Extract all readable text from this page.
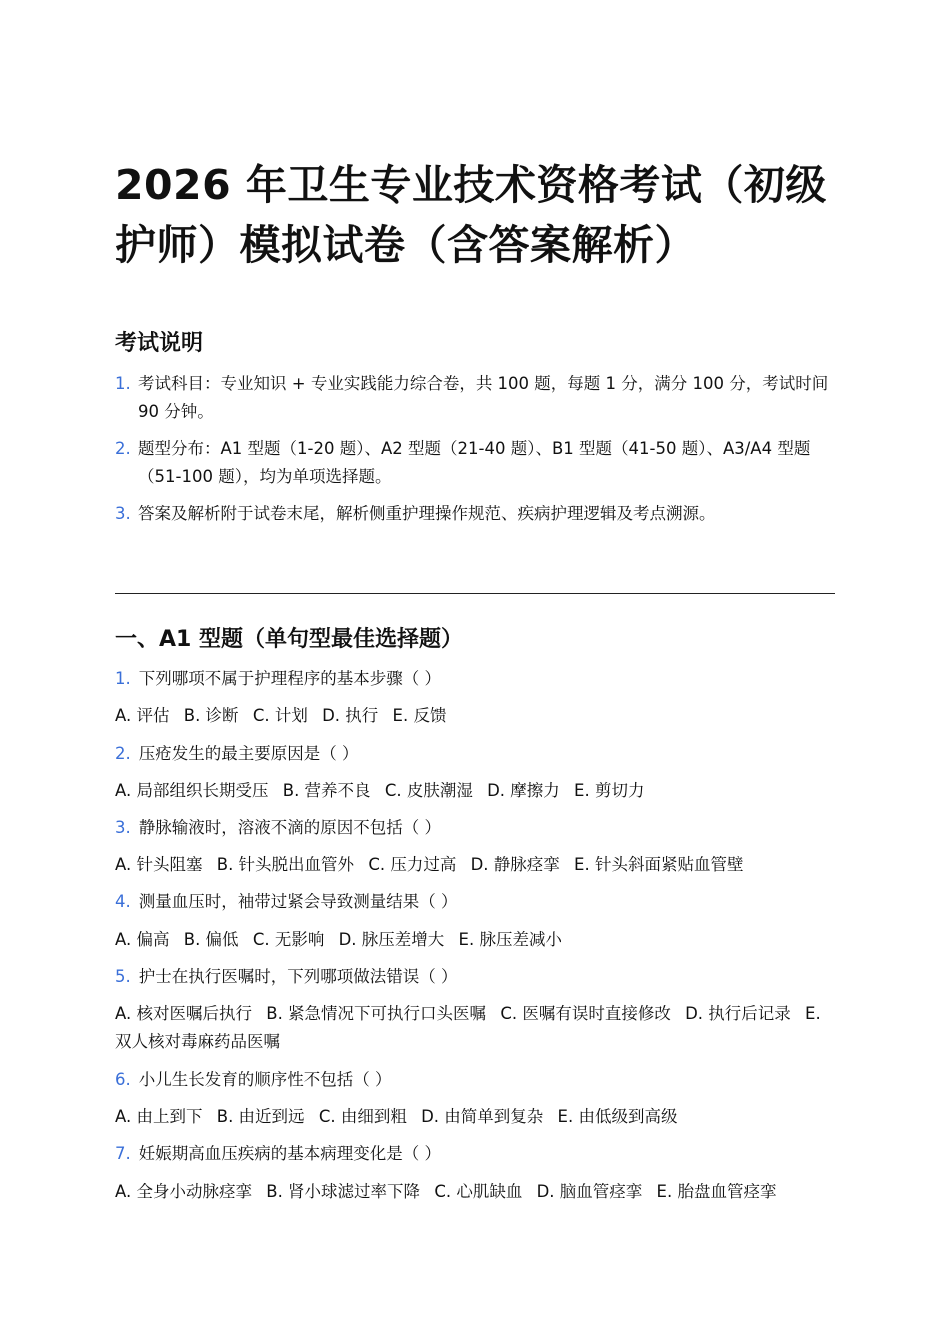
2026 年卫生专业技术资格考试（初级护师）模拟试卷（含答案解析）
考试说明
1. 考试科目：专业知识 + 专业实践能力综合卷，共 100 题，每题 1 分，满分 100 分，考试时间 90 分钟。
2. 题型分布：A1 型题（1-20 题）、A2 型题（21-40 题）、B1 型题（41-50 题）、A3/A4 型题（51-100 题），均为单项选择题。
3. 答案及解析附于试卷末尾，解析侧重护理操作规范、疾病护理逻辑及考点溯源。
一、A1 型题（单句型最佳选择题）
1. 下列哪项不属于护理程序的基本步骤（ ）
A. 评估 B. 诊断 C. 计划 D. 执行 E. 反馈
2. 压疮发生的最主要原因是（ ）
A. 局部组织长期受压 B. 营养不良 C. 皮肤潮湿 D. 摩擦力 E. 剪切力
3. 静脉输液时，溶液不滴的原因不包括（ ）
A. 针头阻塞 B. 针头脱出血管外 C. 压力过高 D. 静脉痉挛 E. 针头斜面紧贴血管壁
4. 测量血压时，袖带过紧会导致测量结果（ ）
A. 偏高 B. 偏低 C. 无影响 D. 脉压差增大 E. 脉压差减小
5. 护士在执行医嘱时，下列哪项做法错误（ ）
A. 核对医嘱后执行 B. 紧急情况下可执行口头医嘱 C. 医嘱有误时直接修改 D. 执行后记录 E. 双人核对毒麻药品医嘱
6. 小儿生长发育的顺序性不包括（ ）
A. 由上到下 B. 由近到远 C. 由细到粗 D. 由简单到复杂 E. 由低级到高级
7. 妊娠期高血压疾病的基本病理变化是（ ）
A. 全身小动脉痉挛 B. 肾小球滤过率下降 C. 心肌缺血 D. 脑血管痉挛 E. 胎盘血管痉挛
